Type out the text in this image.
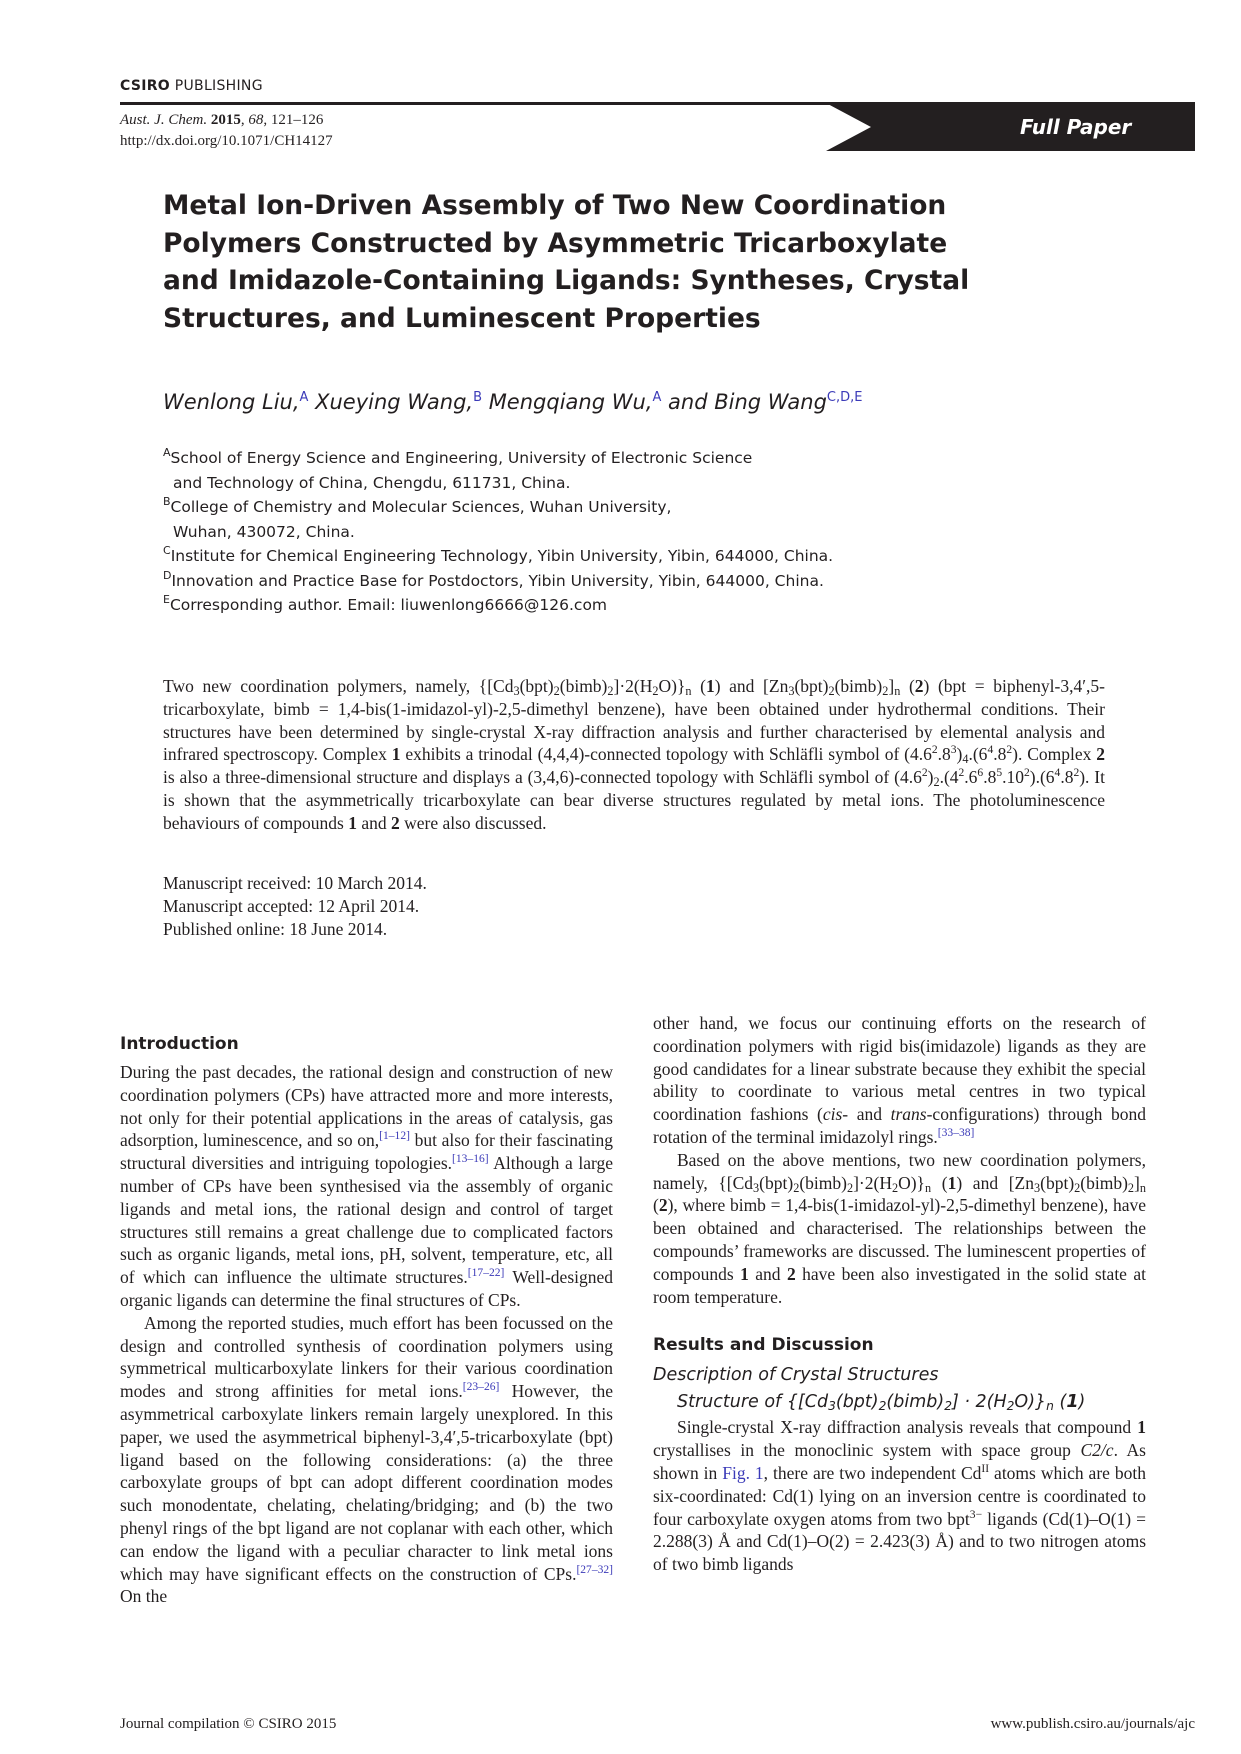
CSIRO PUBLISHING
Aust. J. Chem. 2015, 68, 121–126
http://dx.doi.org/10.1071/CH14127
Full Paper
Metal Ion-Driven Assembly of Two New Coordination
Polymers Constructed by Asymmetric Tricarboxylate
and Imidazole-Containing Ligands: Syntheses, Crystal
Structures, and Luminescent Properties
Wenlong Liu,$^A$ Xueying Wang,$^B$ Mengqiang Wu,$^A$ and Bing Wang$^{C,D,E}$
$^A$School of Energy Science and Engineering, University of Electronic Science
and Technology of China, Chengdu, 611731, China.
$^B$College of Chemistry and Molecular Sciences, Wuhan University,
Wuhan, 430072, China.
$^C$Institute for Chemical Engineering Technology, Yibin University, Yibin, 644000, China.
$^D$Innovation and Practice Base for Postdoctors, Yibin University, Yibin, 644000, China.
$^E$Corresponding author. Email: liuwenlong6666@126.com

Two new coordination polymers, namely, $\{[Cd_3(bpt)_2(bimb)_2]\cdot 2(H_2O)\}_n$ (1) and $[Zn_3(bpt)_2(bimb)_2]_n$ (2) (bpt = biphenyl-3,4′,5-tricarboxylate, bimb = 1,4-bis(1-imidazol-yl)-2,5-dimethyl benzene), have been obtained under hydrothermal conditions. Their structures have been determined by single-crystal X-ray diffraction analysis and further characterised by elemental analysis and infrared spectroscopy. Complex 1 exhibits a trinodal (4,4,4)-connected topology with Schläfli symbol of $(4.6^2.8^3)_4.(6^4.8^2)$. Complex 2 is also a three-dimensional structure and displays a (3,4,6)-connected topology with Schläfli symbol of $(4.6^2)_2.(4^2.6^6.8^5.10^2).(6^4.8^2)$. It is shown that the asymmetrically tricarboxylate can bear diverse structures regulated by metal ions. The photoluminescence behaviours of compounds 1 and 2 were also discussed.

Manuscript received: 10 March 2014.
Manuscript accepted: 12 April 2014.
Published online: 18 June 2014.
Introduction

During the past decades, the rational design and construction of new coordination polymers (CPs) have attracted more and more interests, not only for their potential applications in the areas of catalysis, gas adsorption, luminescence, and so on,[1–12] but also for their fascinating structural diversities and intriguing topologies.[13–16] Although a large number of CPs have been synthesised via the assembly of organic ligands and metal ions, the rational design and control of target structures still remains a great challenge due to complicated factors such as organic ligands, metal ions, pH, solvent, temperature, etc, all of which can influence the ultimate structures.[17–22] Well-designed organic ligands can determine the final structures of CPs.

Among the reported studies, much effort has been focussed on the design and controlled synthesis of coordination polymers using symmetrical multicarboxylate linkers for their various coordination modes and strong affinities for metal ions.[23–26] However, the asymmetrical carboxylate linkers remain largely unexplored. In this paper, we used the asymmetrical biphenyl-3,4′,5-tricarboxylate (bpt) ligand based on the following considerations: (a) the three carboxylate groups of bpt can adopt different coordination modes such monodentate, chelating, chelating/bridging; and (b) the two phenyl rings of the bpt ligand are not coplanar with each other, which can endow the ligand with a peculiar character to link metal ions which may have significant effects on the construction of CPs.[27–32] On the

other hand, we focus our continuing efforts on the research of coordination polymers with rigid bis(imidazole) ligands as they are good candidates for a linear substrate because they exhibit the special ability to coordinate to various metal centres in two typical coordination fashions (cis- and trans-configurations) through bond rotation of the terminal imidazolyl rings.[33–38]

Based on the above mentions, two new coordination polymers, namely, $\{[Cd_3(bpt)_2(bimb)_2]\cdot 2(H_2O)\}_n$ (1) and $[Zn_3(bpt)_2(bimb)_2]_n$ (2), where bimb = 1,4-bis(1-imidazol-yl)-2,5-dimethyl benzene), have been obtained and characterised. The relationships between the compounds’ frameworks are discussed. The luminescent properties of compounds 1 and 2 have been also investigated in the solid state at room temperature.

Results and Discussion
Description of Crystal Structures
Structure of $\{[Cd_3(bpt)_2(bimb)_2] \cdot 2(H_2O)\}_n$ (1)

Single-crystal X-ray diffraction analysis reveals that compound 1 crystallises in the monoclinic system with space group C2/c. As shown in Fig. 1, there are two independent $Cd^{II}$ atoms which are both six-coordinated: Cd(1) lying on an inversion centre is coordinated to four carboxylate oxygen atoms from two bpt$^{3-}$ ligands (Cd(1)–O(1) = 2.288(3) Å and Cd(1)–O(2) = 2.423(3) Å) and to two nitrogen atoms of two bimb ligands

Journal compilation © CSIRO 2015	www.publish.csiro.au/journals/ajc
